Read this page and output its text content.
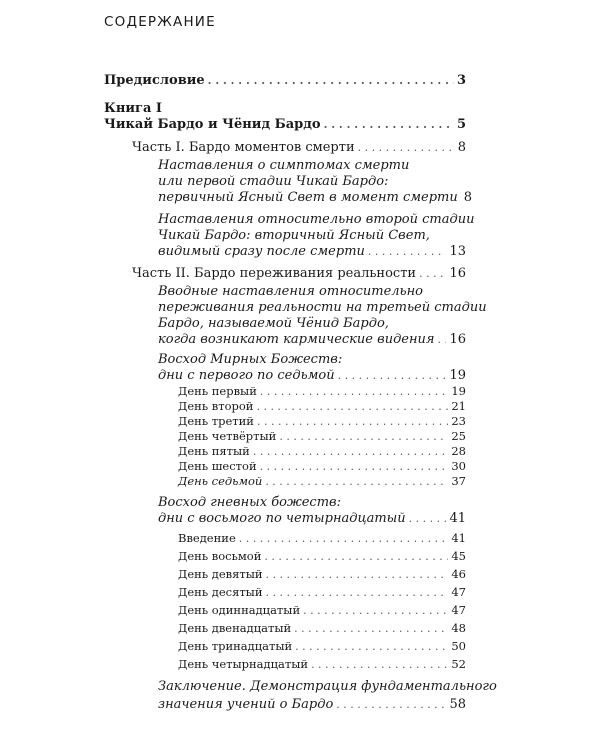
СОДЕРЖАНИЕ
Предисловие . . .	3
Книга I
Чикай Бардо и Чёнид Бардо . . .	5
Часть I. Бардо моментов смерти . . .	8
Наставления о симптомах смерти
или первой стадии Чикай Бардо:
первичный Ясный Свет в момент смерти 8
Наставления относительно второй стадии
Чикай Бардо: вторичный Ясный Свет,
видимый сразу после смерти . . .	13
Часть II. Бардо переживания реальности . . .	16
Вводные наставления относительно
переживания реальности на третьей стадии
Бардо, называемой Чёнид Бардо,
когда возникают кармические видения . . . 16
Восход Мирных Божеств:
дни с первого по седьмой . . .	19
День первый . . .	19
День второй . . .	21
День третий . . .	23
День четвёртый . . .	25
День пятый . . .	28
День шестой . . .	30
День седьмой . . .	37
Восход гневных божеств:
дни с восьмого по четырнадцатый . . .	41
Введение . . .	41
День восьмой . . .	45
День девятый . . .	46
День десятый . . .	47
День одиннадцатый . . .	47
День двенадцатый . . .	48
День тринадцатый . . .	50
День четырнадцатый . . .	52
Заключение. Демонстрация фундаментального
значения учений о Бардо . . .	58
